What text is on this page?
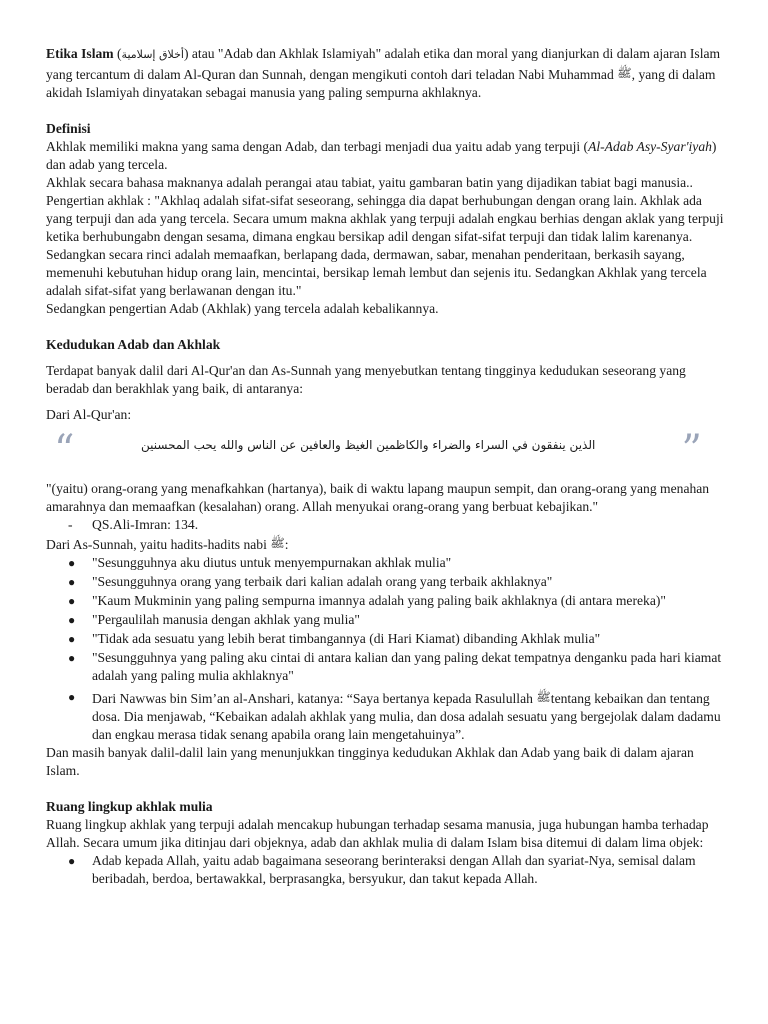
Etika Islam (أخلاق إسلامية) atau "Adab dan Akhlak Islamiyah" adalah etika dan moral yang dianjurkan di dalam ajaran Islam yang tercantum di dalam Al-Quran dan Sunnah, dengan mengikuti contoh dari teladan Nabi Muhammad ﷺ, yang di dalam akidah Islamiyah dinyatakan sebagai manusia yang paling sempurna akhlaknya.

Definisi

Akhlak memiliki makna yang sama dengan Adab, dan terbagi menjadi dua yaitu adab yang terpuji (Al-Adab Asy-Syar'iyah) dan adab yang tercela.

Akhlak secara bahasa maknanya adalah perangai atau tabiat, yaitu gambaran batin yang dijadikan tabiat bagi manusia..

Pengertian akhlak : "Akhlaq adalah sifat-sifat seseorang, sehingga dia dapat berhubungan dengan orang lain. Akhlak ada yang terpuji dan ada yang tercela. Secara umum makna akhlak yang terpuji adalah engkau berhias dengan aklak yang terpuji ketika berhubungabn dengan sesama, dimana engkau bersikap adil dengan sifat-sifat terpuji dan tidak lalim karenanya. Sedangkan secara rinci adalah memaafkan, berlapang dada, dermawan, sabar, menahan penderitaan, berkasih sayang, memenuhi kebutuhan hidup orang lain, mencintai, bersikap lemah lembut dan sejenis itu. Sedangkan Akhlak yang tercela adalah sifat-sifat yang berlawanan dengan itu."

Sedangkan pengertian Adab (Akhlak) yang tercela adalah kebalikannya.

Kedudukan Adab dan Akhlak

Terdapat banyak dalil dari Al-Qur'an dan As-Sunnah yang menyebutkan tentang tingginya kedudukan seseorang yang beradab dan berakhlak yang baik, di antaranya:

Dari Al-Qur'an:

“	الذين ينفقون في السراء والضراء والكاظمين الغيظ والعافين عن الناس والله يحب المحسنين ”

"(yaitu) orang-orang yang menafkahkan (hartanya), baik di waktu lapang maupun sempit, dan orang-orang yang menahan amarahnya dan memaafkan (kesalahan) orang. Allah menyukai orang-orang yang berbuat kebajikan."

- QS.Ali-Imran: 134.

Dari As-Sunnah, yaitu hadits-hadits nabi ﷺ:

● "Sesungguhnya aku diutus untuk menyempurnakan akhlak mulia"
● "Sesungguhnya orang yang terbaik dari kalian adalah orang yang terbaik akhlaknya"
● "Kaum Mukminin yang paling sempurna imannya adalah yang paling baik akhlaknya (di antara mereka)"
● "Pergaulilah manusia dengan akhlak yang mulia"
● "Tidak ada sesuatu yang lebih berat timbangannya (di Hari Kiamat) dibanding Akhlak mulia"
● "Sesungguhnya yang paling aku cintai di antara kalian dan yang paling dekat tempatnya denganku pada hari kiamat adalah yang paling mulia akhlaknya"
● Dari Nawwas bin Sim’an al-Anshari, katanya: “Saya bertanya kepada Rasulullah ﷺtentang kebaikan dan tentang dosa. Dia menjawab, “Kebaikan adalah akhlak yang mulia, dan dosa adalah sesuatu yang bergejolak dalam dadamu dan engkau merasa tidak senang apabila orang lain mengetahuinya”.

Dan masih banyak dalil-dalil lain yang menunjukkan tingginya kedudukan Akhlak dan Adab yang baik di dalam ajaran Islam.

Ruang lingkup akhlak mulia

Ruang lingkup akhlak yang terpuji adalah mencakup hubungan terhadap sesama manusia, juga hubungan hamba terhadap Allah. Secara umum jika ditinjau dari objeknya, adab dan akhlak mulia di dalam Islam bisa ditemui di dalam lima objek:

● Adab kepada Allah, yaitu adab bagaimana seseorang berinteraksi dengan Allah dan syariat-Nya, semisal dalam beribadah, berdoa, bertawakkal, berprasangka, bersyukur, dan takut kepada Allah.
